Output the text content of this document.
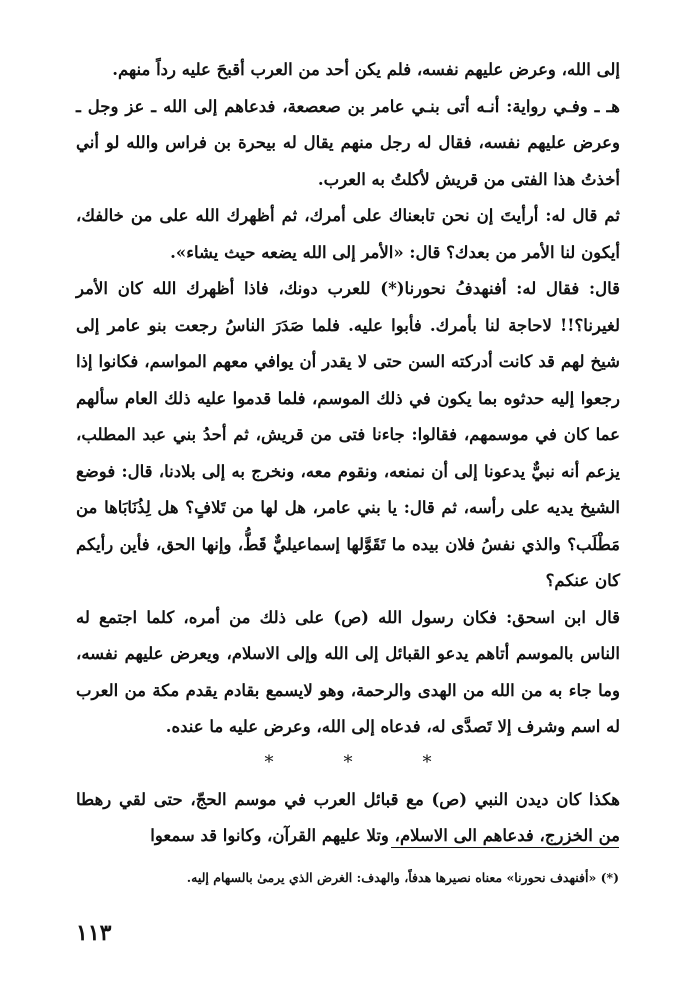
إلى الله، وعرض عليهم نفسه، فلم يكن أحد من العرب أقبحَ عليه رداً منهم.

هـ ـ وفـي رواية: أنـه أتى بنـي عامر بن صعصعة، فدعاهم إلى الله ـ عز وجل ـ وعرض عليهم نفسه، فقال له رجل منهم يقال له بيحرة بن فراس والله لو أني أخذتُ هذا الفتى من قريش لأكلتُ به العرب.

ثم قال له: أرأيتَ إن نحن تابعناك على أمرك، ثم أظهرك الله على من خالفك، أيكون لنا الأمر من بعدك؟ قال: «الأمر إلى الله يضعه حيث يشاء».

قال: فقال له: أفنهدفُ نحورنا(*) للعرب دونك، فاذا أظهرك الله كان الأمر لغيرنا؟!! لاحاجة لنا بأمرك. فأبوا عليه. فلما صَدَرَ الناسُ رجعت بنو عامر إلى شيخ لهم قد كانت أدركته السن حتى لا يقدر أن يوافي معهم المواسم، فكانوا إذا رجعوا إليه حدثوه بما يكون في ذلك الموسم، فلما قدموا عليه ذلك العام سألهم عما كان في موسمهم، فقالوا: جاءنا فتى من قريش، ثم أحدُ بني عبد المطلب، يزعم أنه نبيٌّ يدعونا إلى أن نمنعه، ونقوم معه، ونخرج به إلى بلادنا، قال: فوضع الشيخ يديه على رأسه، ثم قال: يا بني عامر، هل لها من تَلافٍ؟ هل لِذُنَابَاها من مَطْلَب؟ والذي نفسُ فلان بيده ما تَقَوَّلها إسماعيليٌّ قَطُّ، وإنها الحق، فأين رأيكم كان عنكم؟

قال ابن اسحق: فكان رسول الله (ص) على ذلك من أمره، كلما اجتمع له الناس بالموسم أتاهم يدعو القبائل إلى الله وإلى الاسلام، ويعرض عليهم نفسه، وما جاء به من الله من الهدى والرحمة، وهو لايسمع بقادم يقدم مكة من العرب له اسم وشرف إلا تَصدَّى له، فدعاه إلى الله، وعرض عليه ما عنده.

*	*	*

هكذا كان ديدن النبي (ص) مع قبائل العرب في موسم الحجّ، حتى لقي رهطا من الخزرج، فدعاهم الى الاسلام، وتلا عليهم القرآن، وكانوا قد سمعوا

(*) «أفنهدف نحورنا» معناه نصيرها هدفاً، والهدف: الغرض الذي يرمىٰ بالسهام إليه.
١١٣
